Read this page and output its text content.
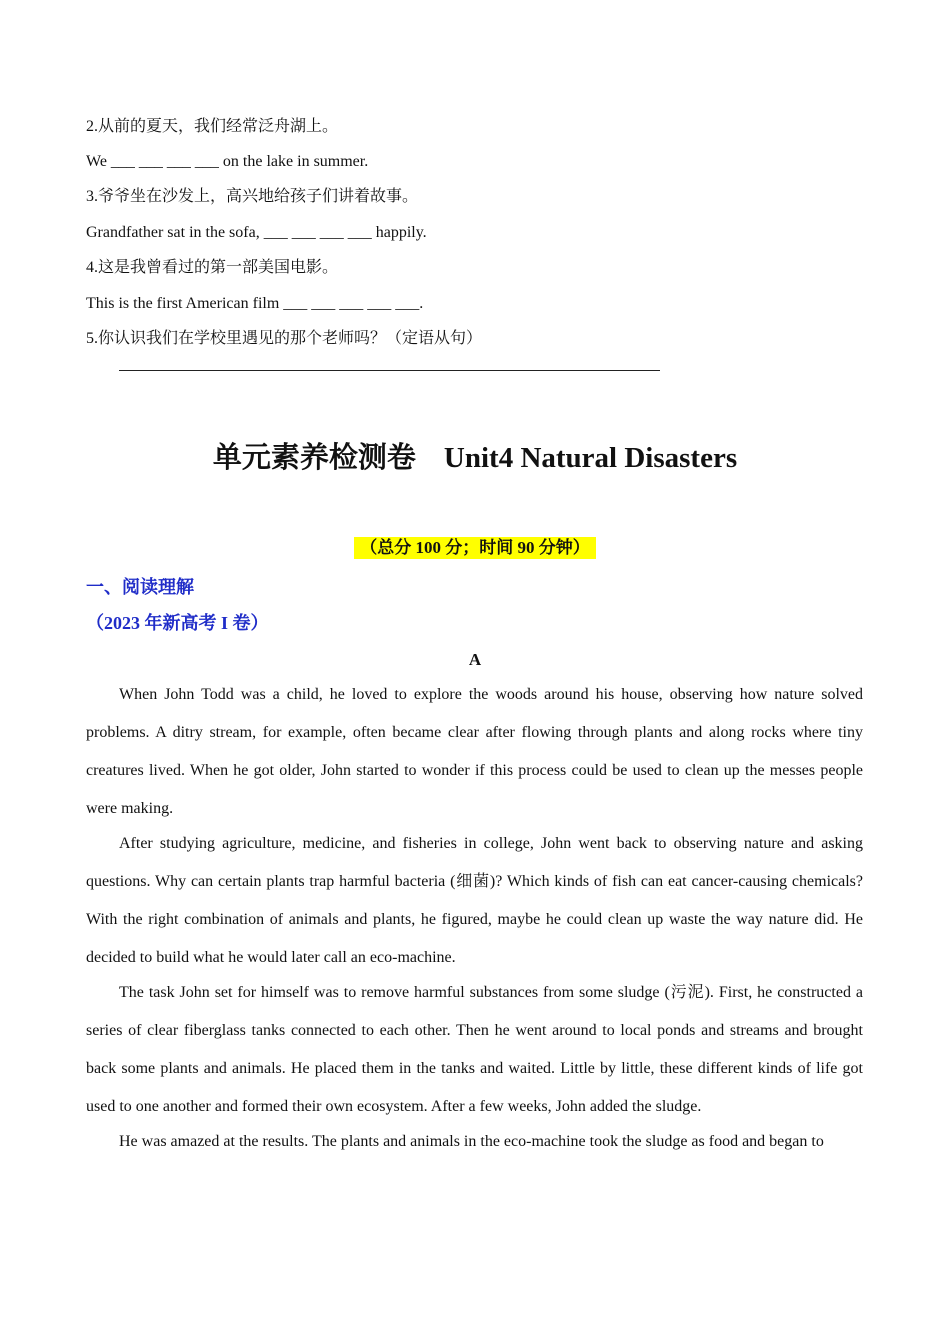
2.从前的夏天，我们经常泛舟湖上。
We ___ ___ ___ ___ on the lake in summer.
3.爷爷坐在沙发上，高兴地给孩子们讲着故事。
Grandfather sat in the sofa, ___ ___ ___ ___ happily.
4.这是我曾看过的第一部美国电影。
This is the first American film ___ ___ ___ ___ ___.
5.你认识我们在学校里遇见的那个老师吗？（定语从句）
单元素养检测卷 Unit4 Natural Disasters
（总分 100 分；时间 90 分钟）
一、阅读理解
（2023 年新高考 I 卷）
A

When John Todd was a child, he loved to explore the woods around his house, observing how nature solved problems. A ditry stream, for example, often became clear after flowing through plants and along rocks where tiny creatures lived. When he got older, John started to wonder if this process could be used to clean up the messes people were making.

After studying agriculture, medicine, and fisheries in college, John went back to observing nature and asking questions. Why can certain plants trap harmful bacteria (细菌)? Which kinds of fish can eat cancer-causing chemicals? With the right combination of animals and plants, he figured, maybe he could clean up waste the way nature did. He decided to build what he would later call an eco-machine.

The task John set for himself was to remove harmful substances from some sludge (污泥). First, he constructed a series of clear fiberglass tanks connected to each other. Then he went around to local ponds and streams and brought back some plants and animals. He placed them in the tanks and waited. Little by little, these different kinds of life got used to one another and formed their own ecosystem. After a few weeks, John added the sludge.

He was amazed at the results. The plants and animals in the eco-machine took the sludge as food and began to
